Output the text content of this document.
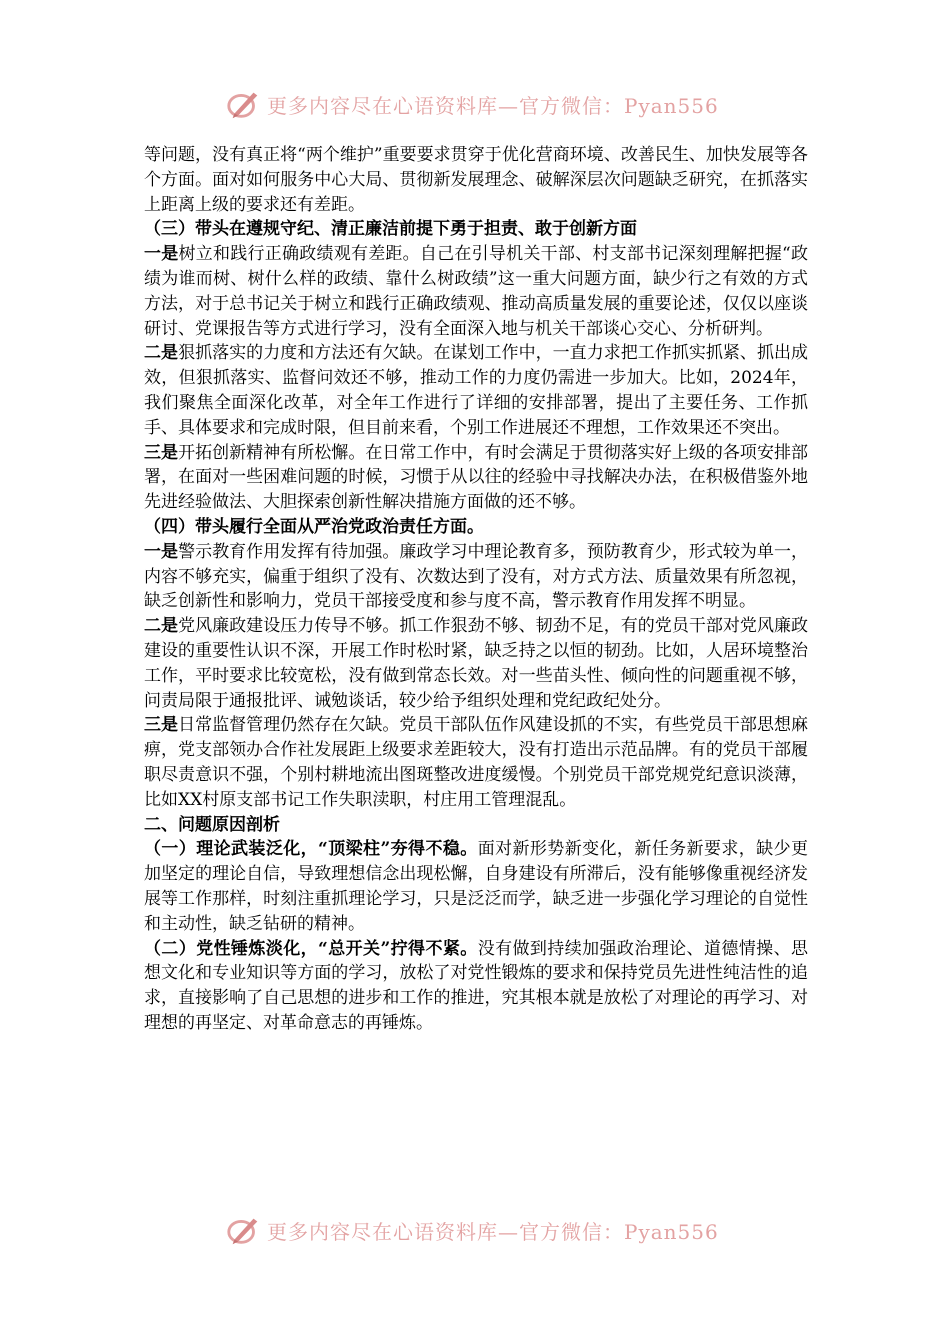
更多内容尽在心语资料库—官方微信：Pyan556

等问题，没有真正将“两个维护”重要要求贯穿于优化营商环境、改善民生、加快发展等各个方面。面对如何服务中心大局、贯彻新发展理念、破解深层次问题缺乏研究，在抓落实上距离上级的要求还有差距。

（三）带头在遵规守纪、清正廉洁前提下勇于担责、敢于创新方面

一是树立和践行正确政绩观有差距。自己在引导机关干部、村支部书记深刻理解把握“政绩为谁而树、树什么样的政绩、靠什么树政绩”这一重大问题方面，缺少行之有效的方式方法，对于总书记关于树立和践行正确政绩观、推动高质量发展的重要论述，仅仅以座谈研讨、党课报告等方式进行学习，没有全面深入地与机关干部谈心交心、分析研判。

二是狠抓落实的力度和方法还有欠缺。在谋划工作中，一直力求把工作抓实抓紧、抓出成效，但狠抓落实、监督问效还不够，推动工作的力度仍需进一步加大。比如，2024年，我们聚焦全面深化改革，对全年工作进行了详细的安排部署，提出了主要任务、工作抓手、具体要求和完成时限，但目前来看，个别工作进展还不理想，工作效果还不突出。

三是开拓创新精神有所松懈。在日常工作中，有时会满足于贯彻落实好上级的各项安排部署，在面对一些困难问题的时候，习惯于从以往的经验中寻找解决办法，在积极借鉴外地先进经验做法、大胆探索创新性解决措施方面做的还不够。

（四）带头履行全面从严治党政治责任方面。

一是警示教育作用发挥有待加强。廉政学习中理论教育多，预防教育少，形式较为单一，内容不够充实，偏重于组织了没有、次数达到了没有，对方式方法、质量效果有所忽视，缺乏创新性和影响力，党员干部接受度和参与度不高，警示教育作用发挥不明显。

二是党风廉政建设压力传导不够。抓工作狠劲不够、韧劲不足，有的党员干部对党风廉政建设的重要性认识不深，开展工作时松时紧，缺乏持之以恒的韧劲。比如，人居环境整治工作，平时要求比较宽松，没有做到常态长效。对一些苗头性、倾向性的问题重视不够，问责局限于通报批评、诫勉谈话，较少给予组织处理和党纪政纪处分。

三是日常监督管理仍然存在欠缺。党员干部队伍作风建设抓的不实，有些党员干部思想麻痹，党支部领办合作社发展距上级要求差距较大，没有打造出示范品牌。有的党员干部履职尽责意识不强，个别村耕地流出图斑整改进度缓慢。个别党员干部党规党纪意识淡薄，比如XX村原支部书记工作失职渎职，村庄用工管理混乱。

二、问题原因剖析

（一）理论武装泛化，“顶梁柱”夯得不稳。面对新形势新变化，新任务新要求，缺少更加坚定的理论自信，导致理想信念出现松懈，自身建设有所滞后，没有能够像重视经济发展等工作那样，时刻注重抓理论学习，只是泛泛而学，缺乏进一步强化学习理论的自觉性和主动性，缺乏钻研的精神。

（二）党性锤炼淡化，“总开关”拧得不紧。没有做到持续加强政治理论、道德情操、思想文化和专业知识等方面的学习，放松了对党性锻炼的要求和保持党员先进性纯洁性的追求，直接影响了自己思想的进步和工作的推进，究其根本就是放松了对理论的再学习、对理想的再坚定、对革命意志的再锤炼。

更多内容尽在心语资料库—官方微信：Pyan556
